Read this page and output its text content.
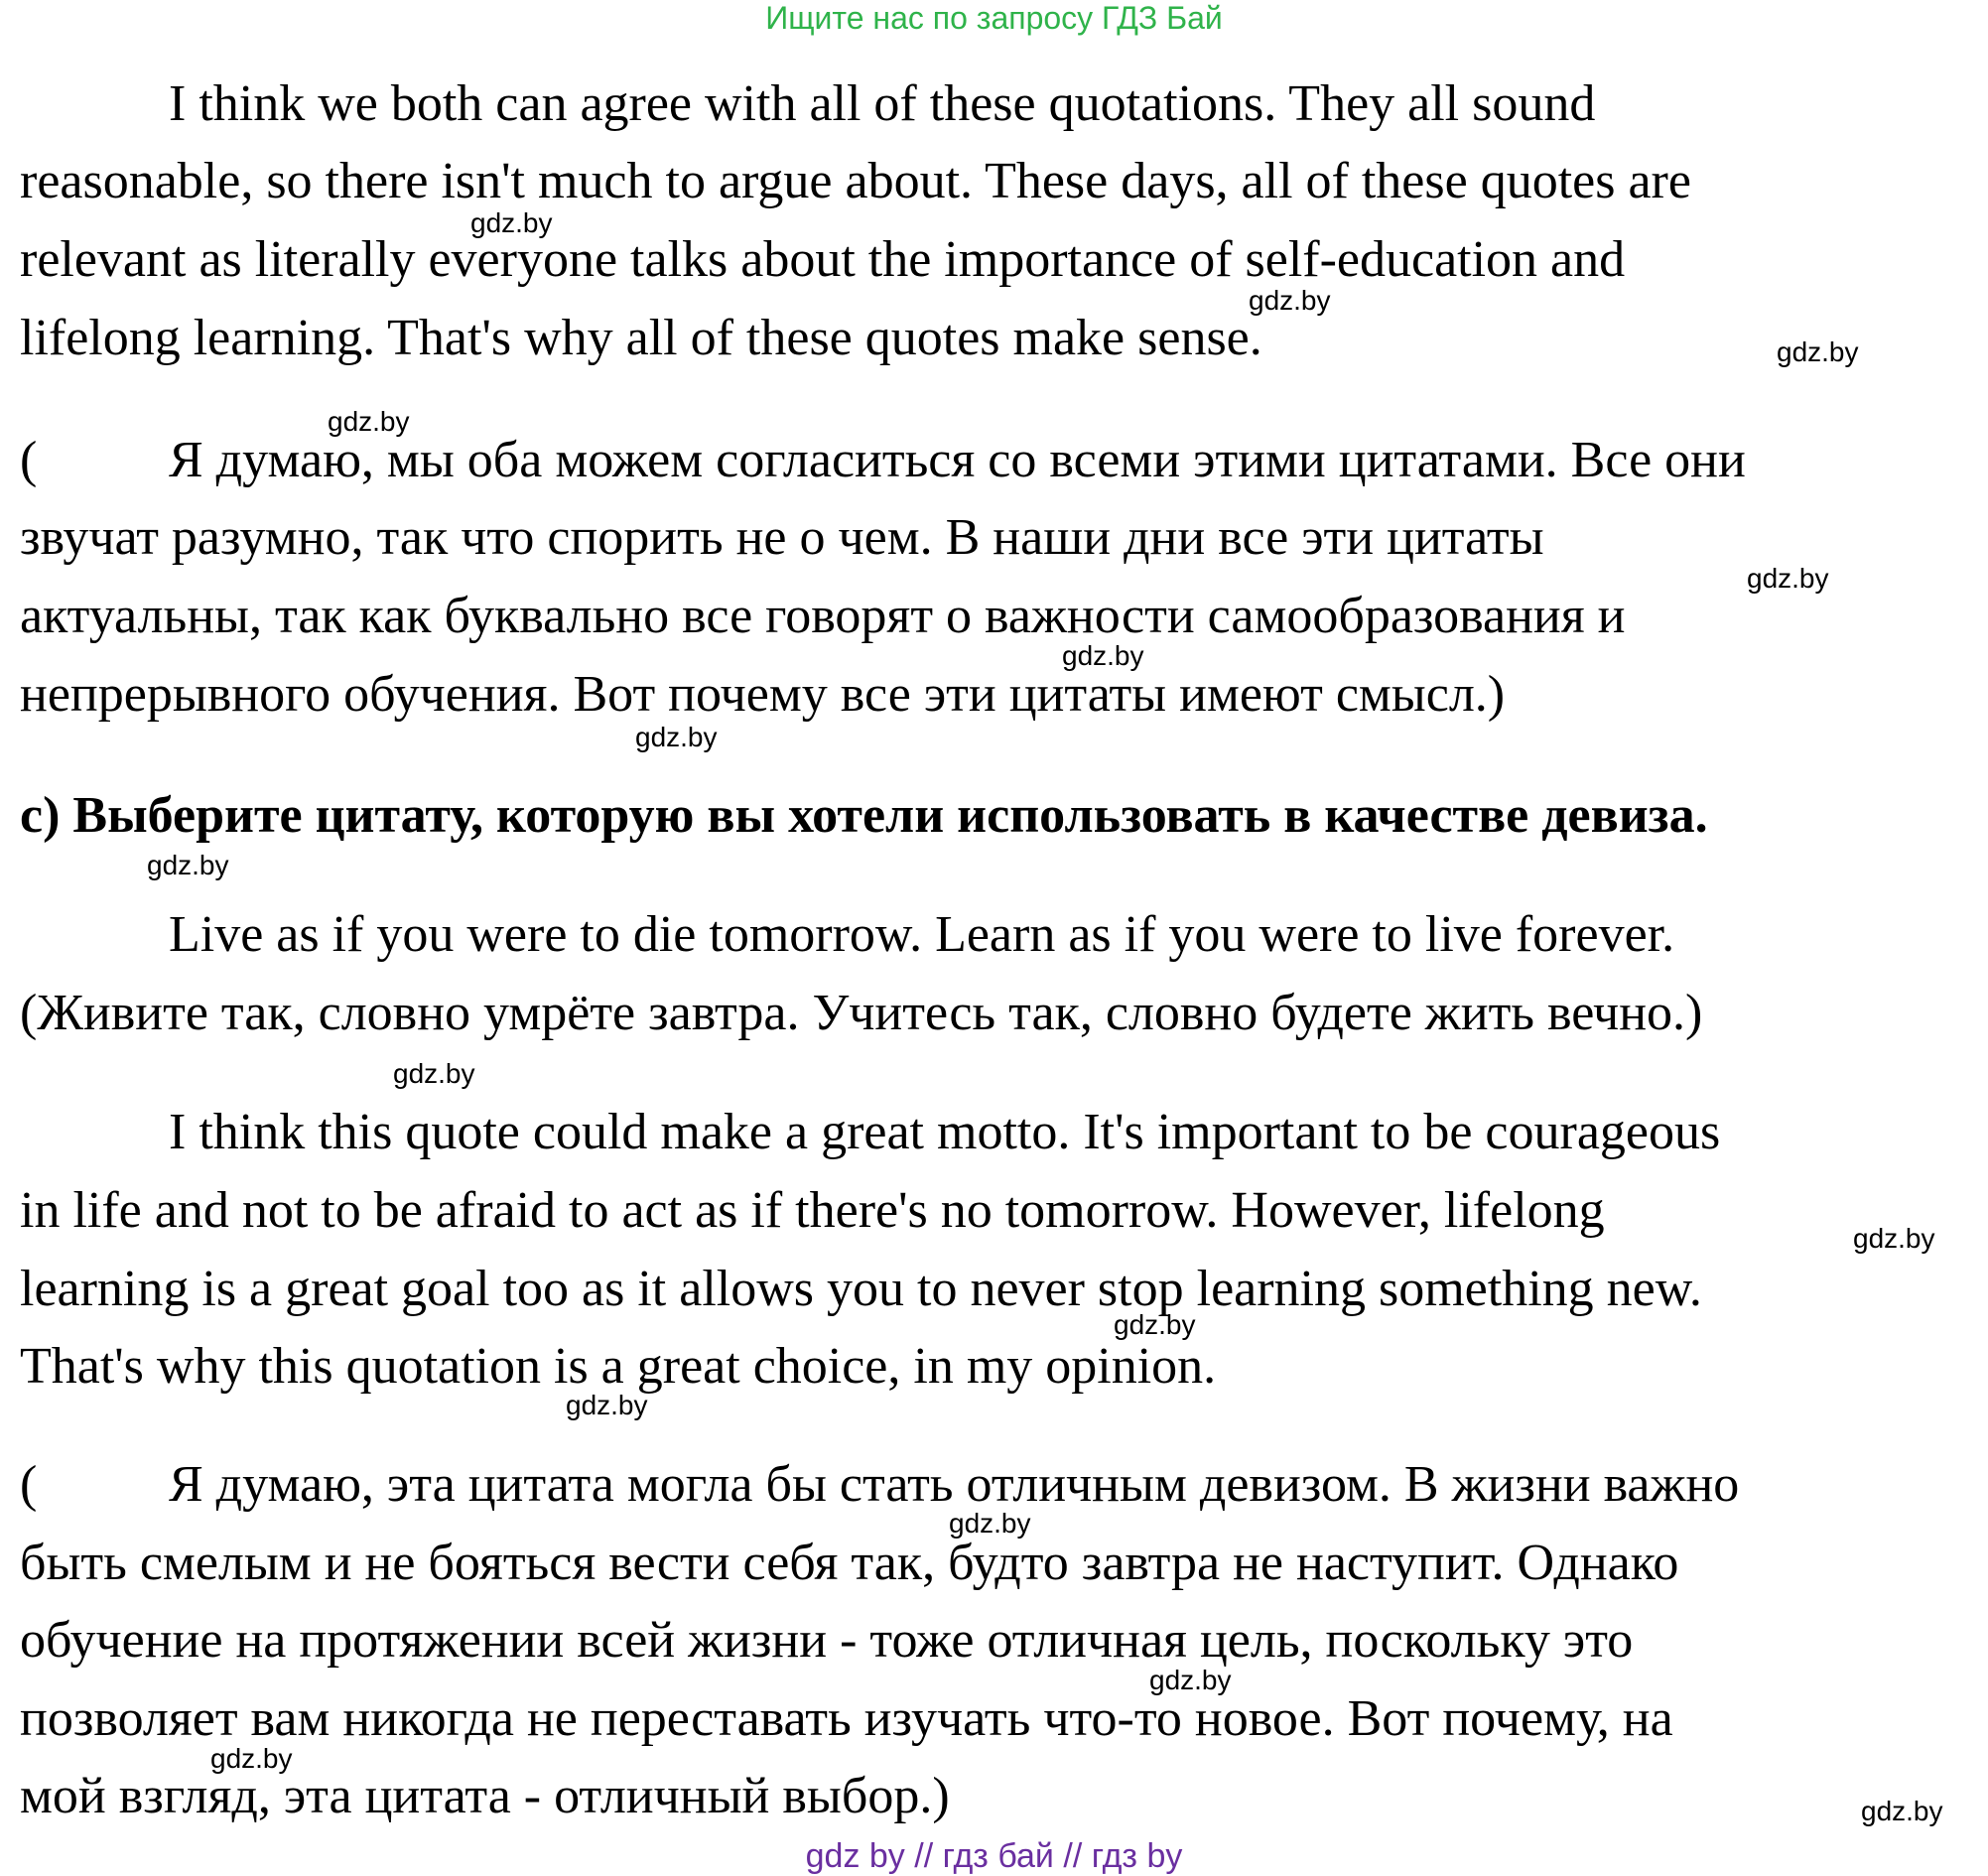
Ищите нас по запросу ГДЗ Бай
I think we both can agree with all of these quotations. They all sound
reasonable, so there isn't much to argue about. These days, all of these quotes are
relevant as literally everyone talks about the importance of self-education and
lifelong learning. That's why all of these quotes make sense.
(	Я думаю, мы оба можем согласиться со всеми этими цитатами. Все они
звучат разумно, так что спорить не о чем. В наши дни все эти цитаты
актуальны, так как буквально все говорят о важности самообразования и
непрерывного обучения. Вот почему все эти цитаты имеют смысл.)
c) Выберите цитату, которую вы хотели использовать в качестве девиза.
Live as if you were to die tomorrow. Learn as if you were to live forever.
(Живите так, словно умрёте завтра. Учитесь так, словно будете жить вечно.)
I think this quote could make a great motto. It's important to be courageous
in life and not to be afraid to act as if there's no tomorrow. However, lifelong
learning is a great goal too as it allows you to never stop learning something new.
That's why this quotation is a great choice, in my opinion.
(	Я думаю, эта цитата могла бы стать отличным девизом. В жизни важно
быть смелым и не бояться вести себя так, будто завтра не наступит. Однако
обучение на протяжении всей жизни - тоже отличная цель, поскольку это
позволяет вам никогда не переставать изучать что-то новое. Вот почему, на
мой взгляд, эта цитата - отличный выбор.)
gdz.by
gdz.by
gdz.by
gdz.by
gdz.by
gdz.by
gdz.by
gdz.by
gdz.by
gdz.by
gdz.by
gdz.by
gdz.by
gdz.by
gdz.by
gdz.by
gdz by // гдз бай // гдз by
